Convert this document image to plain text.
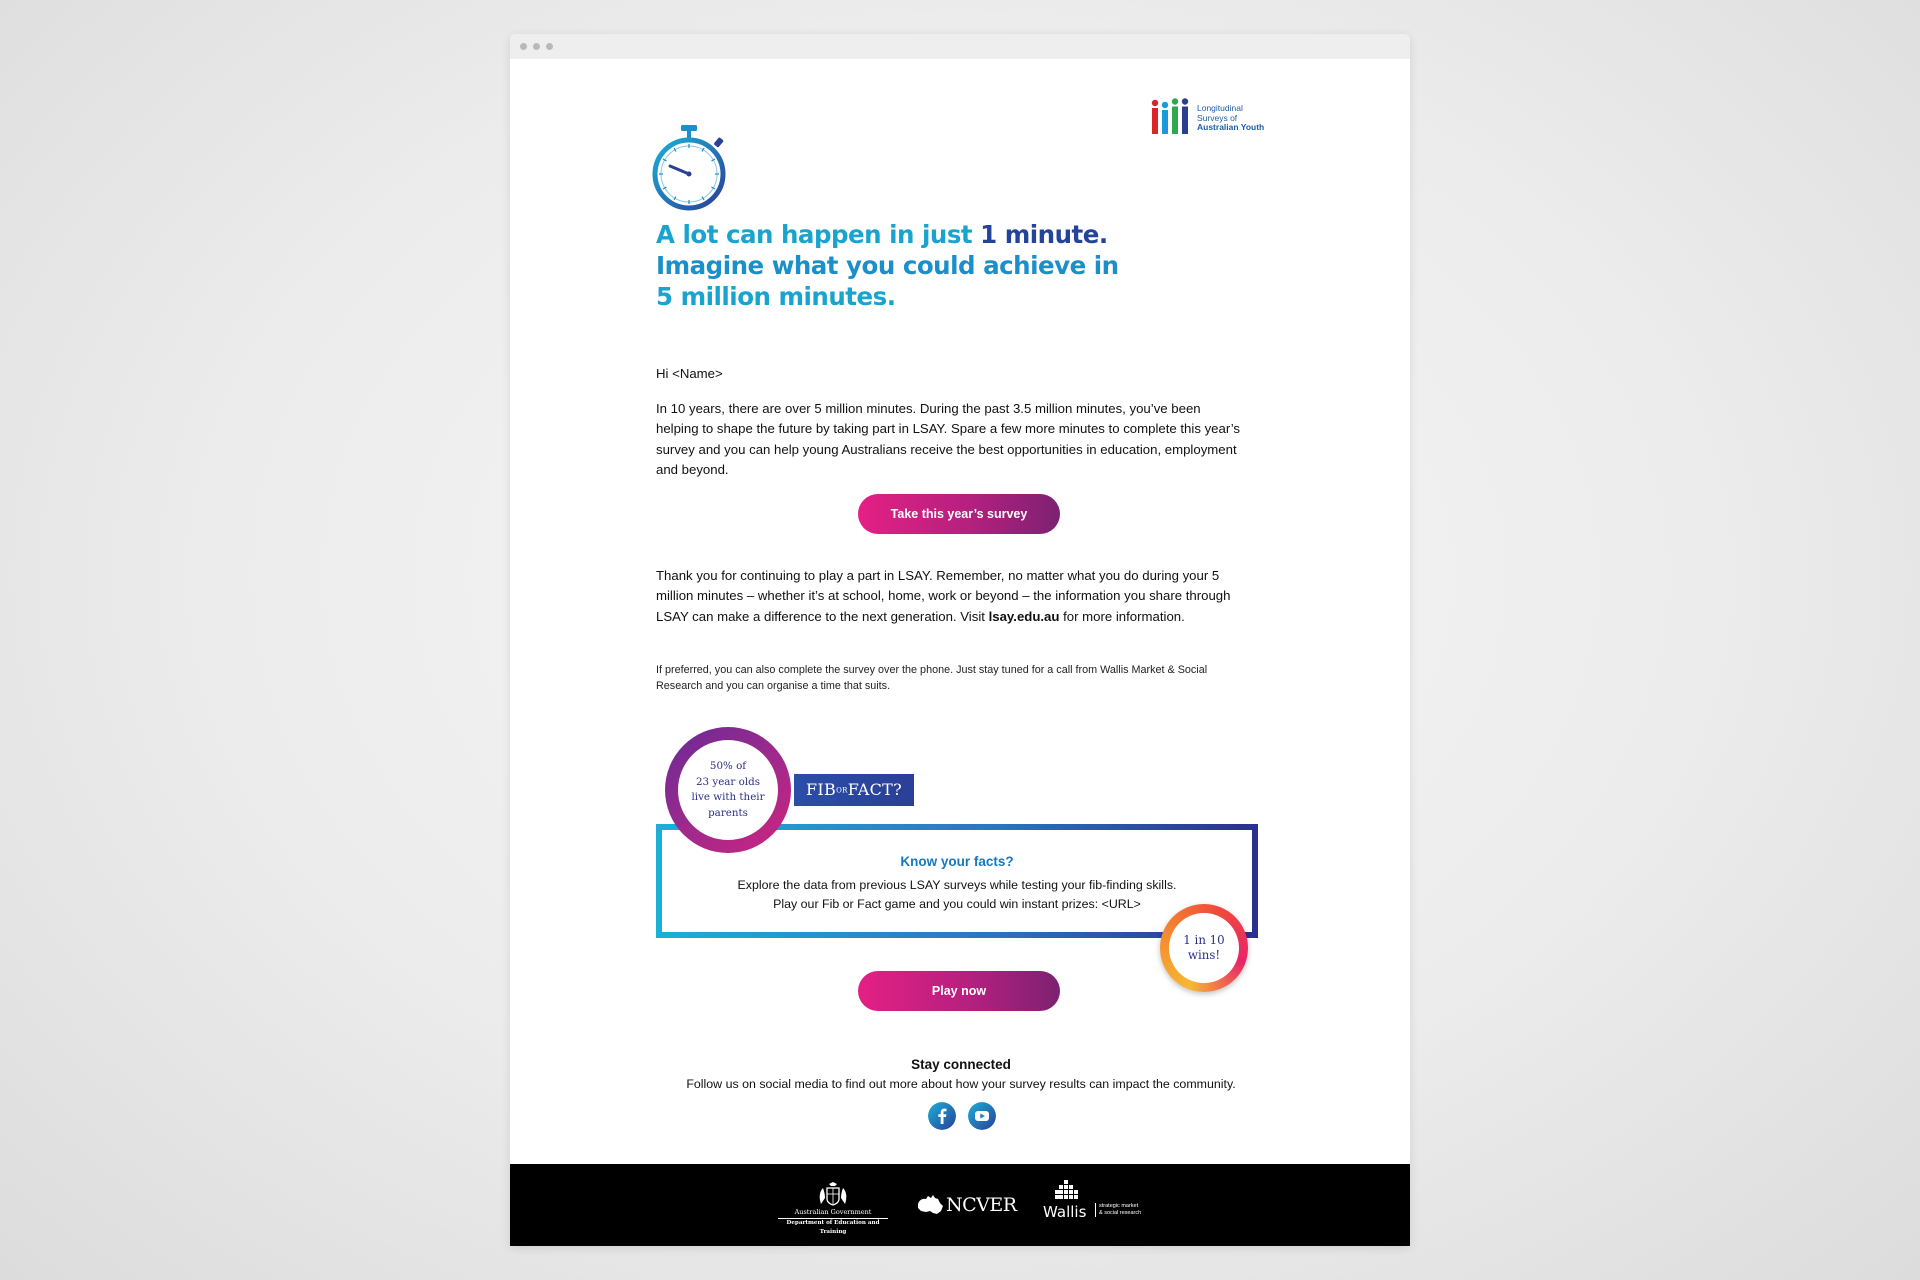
Longitudinal
Surveys of
Australian Youth
A lot can happen in just 1 minute.
Imagine what you could achieve in
5 million minutes.
Hi <Name>
In 10 years, there are over 5 million minutes. During the past 3.5 million minutes, you’ve been helping to shape the future by taking part in LSAY. Spare a few more minutes to complete this year’s survey and you can help young Australians receive the best opportunities in education, employment and beyond.
Take this year’s survey
Thank you for continuing to play a part in LSAY. Remember, no matter what you do during your 5 million minutes – whether it’s at school, home, work or beyond – the information you share through LSAY can make a difference to the next generation. Visit lsay.edu.au for more information.
If preferred, you can also complete the survey over the phone. Just stay tuned for a call from Wallis Market & Social Research and you can organise a time that suits.
Know your facts?
Explore the data from previous LSAY surveys while testing your fib-finding skills.
Play our Fib or Fact game and you could win instant prizes: <URL>
50% of
23 year olds
live with their
parents
FIBORFACT?
1 in 10
wins!
Play now
Stay connected
Follow us on social media to find out more about how your survey results can impact the community.
Australian Government
Department of Education and Training
NCVER Wallis	strategic market
& social research
